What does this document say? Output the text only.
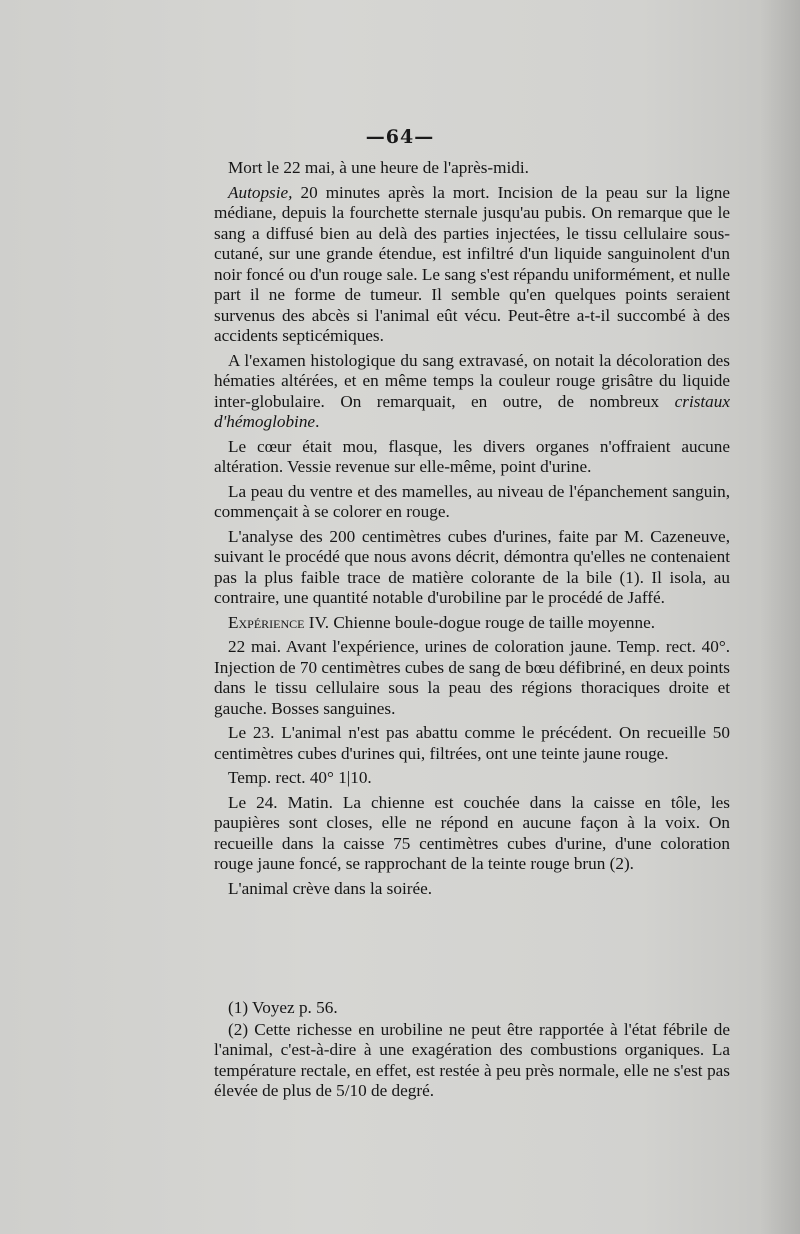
—64—

Mort le 22 mai, à une heure de l'après-midi.

Autopsie, 20 minutes après la mort. Incision de la peau sur la ligne médiane, depuis la fourchette sternale jusqu'au pubis. On remarque que le sang a diffusé bien au delà des parties injectées, le tissu cellulaire sous-cutané, sur une grande étendue, est infiltré d'un liquide sanguinolent d'un noir foncé ou d'un rouge sale. Le sang s'est répandu uniformément, et nulle part il ne forme de tumeur. Il semble qu'en quelques points seraient survenus des abcès si l'animal eût vécu. Peut-être a-t-il succombé à des accidents septicémiques.

A l'examen histologique du sang extravasé, on notait la décoloration des hématies altérées, et en même temps la couleur rouge grisâtre du liquide inter-globulaire. On remarquait, en outre, de nombreux cristaux d'hémoglobine.

Le cœur était mou, flasque, les divers organes n'offraient aucune altération. Vessie revenue sur elle-même, point d'urine.

La peau du ventre et des mamelles, au niveau de l'épanchement sanguin, commençait à se colorer en rouge.

L'analyse des 200 centimètres cubes d'urines, faite par M. Cazeneuve, suivant le procédé que nous avons décrit, démontra qu'elles ne contenaient pas la plus faible trace de matière colorante de la bile (1). Il isola, au contraire, une quantité notable d'urobiline par le procédé de Jaffé.

Expérience IV. Chienne boule-dogue rouge de taille moyenne.

22 mai. Avant l'expérience, urines de coloration jaune. Temp. rect. 40°. Injection de 70 centimètres cubes de sang de bœu défibriné, en deux points dans le tissu cellulaire sous la peau des régions thoraciques droite et gauche. Bosses sanguines.

Le 23. L'animal n'est pas abattu comme le précédent. On recueille 50 centimètres cubes d'urines qui, filtrées, ont une teinte jaune rouge.

Temp. rect. 40° 1|10.

Le 24. Matin. La chienne est couchée dans la caisse en tôle, les paupières sont closes, elle ne répond en aucune façon à la voix. On recueille dans la caisse 75 centimètres cubes d'urine, d'une coloration rouge jaune foncé, se rapprochant de la teinte rouge brun (2).

L'animal crève dans la soirée.

(1) Voyez p. 56.

(2) Cette richesse en urobiline ne peut être rapportée à l'état fébrile de l'animal, c'est-à-dire à une exagération des combustions organiques. La température rectale, en effet, est restée à peu près normale, elle ne s'est pas élevée de plus de 5/10 de degré.
